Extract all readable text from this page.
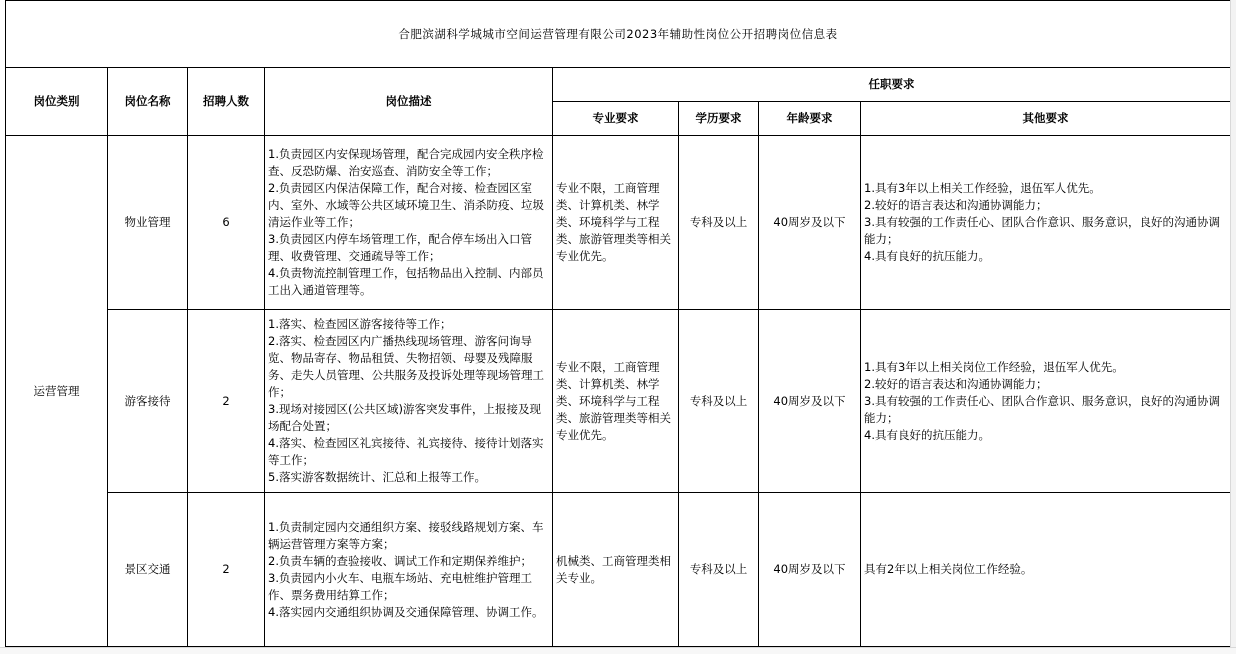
合肥滨湖科学城城市空间运营管理有限公司2023年辅助性岗位公开招聘岗位信息表							
岗位类别	岗位名称	招聘人数	岗位描述	任职要求			
				专业要求	学历要求	年龄要求	其他要求
运营管理	物业管理	6	1.负责园区内安保现场管理，配合完成园内安全秩序检查、反恐防爆、治安巡查、消防安全等工作；
2.负责园区内保洁保障工作，配合对接、检查园区室内、室外、水域等公共区域环境卫生、消杀防疫、垃圾清运作业等工作；
3.负责园区内停车场管理工作，配合停车场出入口管理、收费管理、交通疏导等工作；
4.负责物流控制管理工作，包括物品出入控制、内部员工出入通道管理等。	专业不限，工商管理类、计算机类、林学类、环境科学与工程类、旅游管理类等相关专业优先。	专科及以上	40周岁及以下	1.具有3年以上相关工作经验，退伍军人优先。
2.较好的语言表达和沟通协调能力；
3.具有较强的工作责任心、团队合作意识、服务意识，良好的沟通协调能力；
4.具有良好的抗压能力。

	游客接待	2	1.落实、检查园区游客接待等工作；
2.落实、检查园区内广播热线现场管理、游客问询导览、物品寄存、物品租赁、失物招领、母婴及残障服务、走失人员管理、公共服务及投诉处理等现场管理工作；
3.现场对接园区(公共区域)游客突发事件，上报接及现场配合处置；
4.落实、检查园区礼宾接待、礼宾接待、接待计划落实等工作；
5.落实游客数据统计、汇总和上报等工作。	专业不限，工商管理类、计算机类、林学类、环境科学与工程类、旅游管理类等相关专业优先。	专科及以上	40周岁及以下	1.具有3年以上相关岗位工作经验，退伍军人优先。
2.较好的语言表达和沟通协调能力；
3.具有较强的工作责任心、团队合作意识、服务意识，良好的沟通协调能力；
4.具有良好的抗压能力。

	景区交通	2	1.负责制定园内交通组织方案、接驳线路规划方案、车辆运营管理方案等方案；
2.负责车辆的查验接收、调试工作和定期保养维护；
3.负责园内小火车、电瓶车场站、充电桩维护管理工作、票务费用结算工作；
4.落实园内交通组织协调及交通保障管理、协调工作。	机械类、工商管理类相关专业。	专科及以上	40周岁及以下	具有2年以上相关岗位工作经验。
